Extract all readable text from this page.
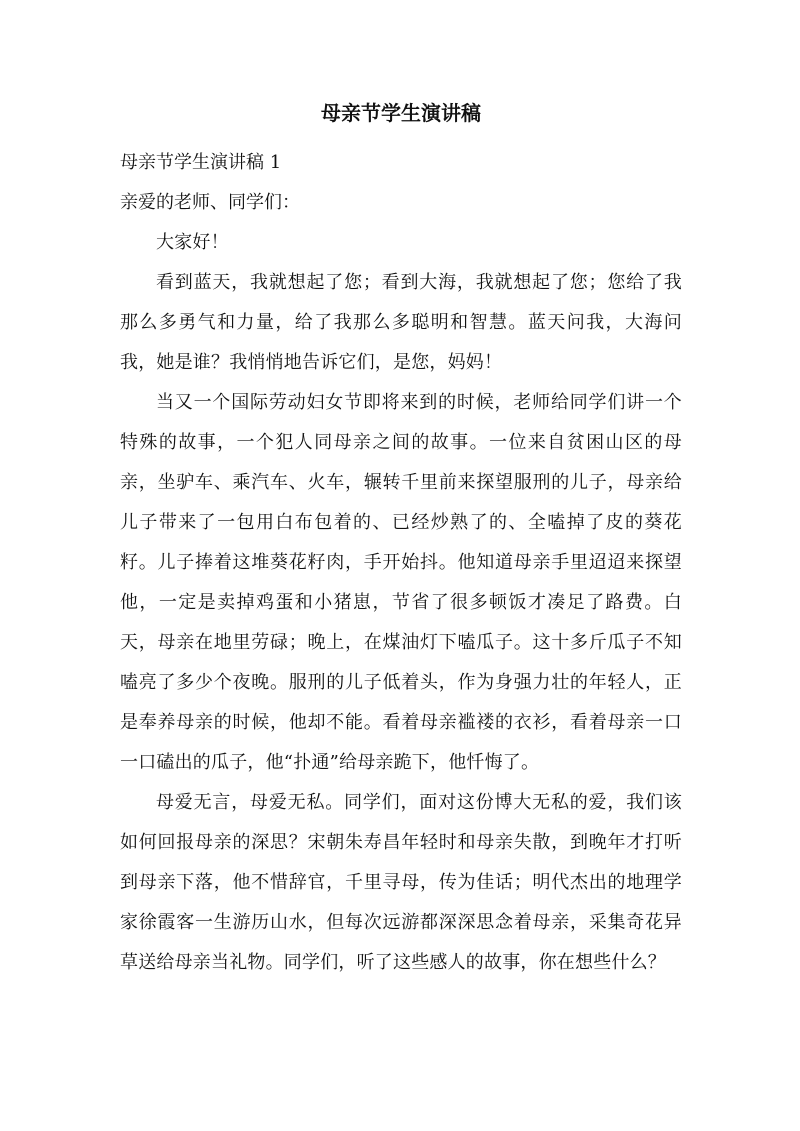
母亲节学生演讲稿

母亲节学生演讲稿 1

亲爱的老师、同学们：

大家好！

看到蓝天，我就想起了您；看到大海，我就想起了您；您给了我那么多勇气和力量，给了我那么多聪明和智慧。蓝天问我，大海问我，她是谁？我悄悄地告诉它们，是您，妈妈！

当又一个国际劳动妇女节即将来到的时候，老师给同学们讲一个特殊的故事，一个犯人同母亲之间的故事。一位来自贫困山区的母亲，坐驴车、乘汽车、火车，辗转千里前来探望服刑的儿子，母亲给儿子带来了一包用白布包着的、已经炒熟了的、全嗑掉了皮的葵花籽。儿子捧着这堆葵花籽肉，手开始抖。他知道母亲手里迢迢来探望他，一定是卖掉鸡蛋和小猪崽，节省了很多顿饭才凑足了路费。白天，母亲在地里劳碌；晚上，在煤油灯下嗑瓜子。这十多斤瓜子不知嗑亮了多少个夜晚。服刑的儿子低着头，作为身强力壮的年轻人，正是奉养母亲的时候，他却不能。看着母亲褴褛的衣衫，看着母亲一口一口磕出的瓜子，他“扑通”给母亲跪下，他忏悔了。

母爱无言，母爱无私。同学们，面对这份博大无私的爱，我们该如何回报母亲的深思？宋朝朱寿昌年轻时和母亲失散，到晚年才打听到母亲下落，他不惜辞官，千里寻母，传为佳话；明代杰出的地理学家徐霞客一生游历山水，但每次远游都深深思念着母亲，采集奇花异草送给母亲当礼物。同学们，听了这些感人的故事，你在想些什么？
